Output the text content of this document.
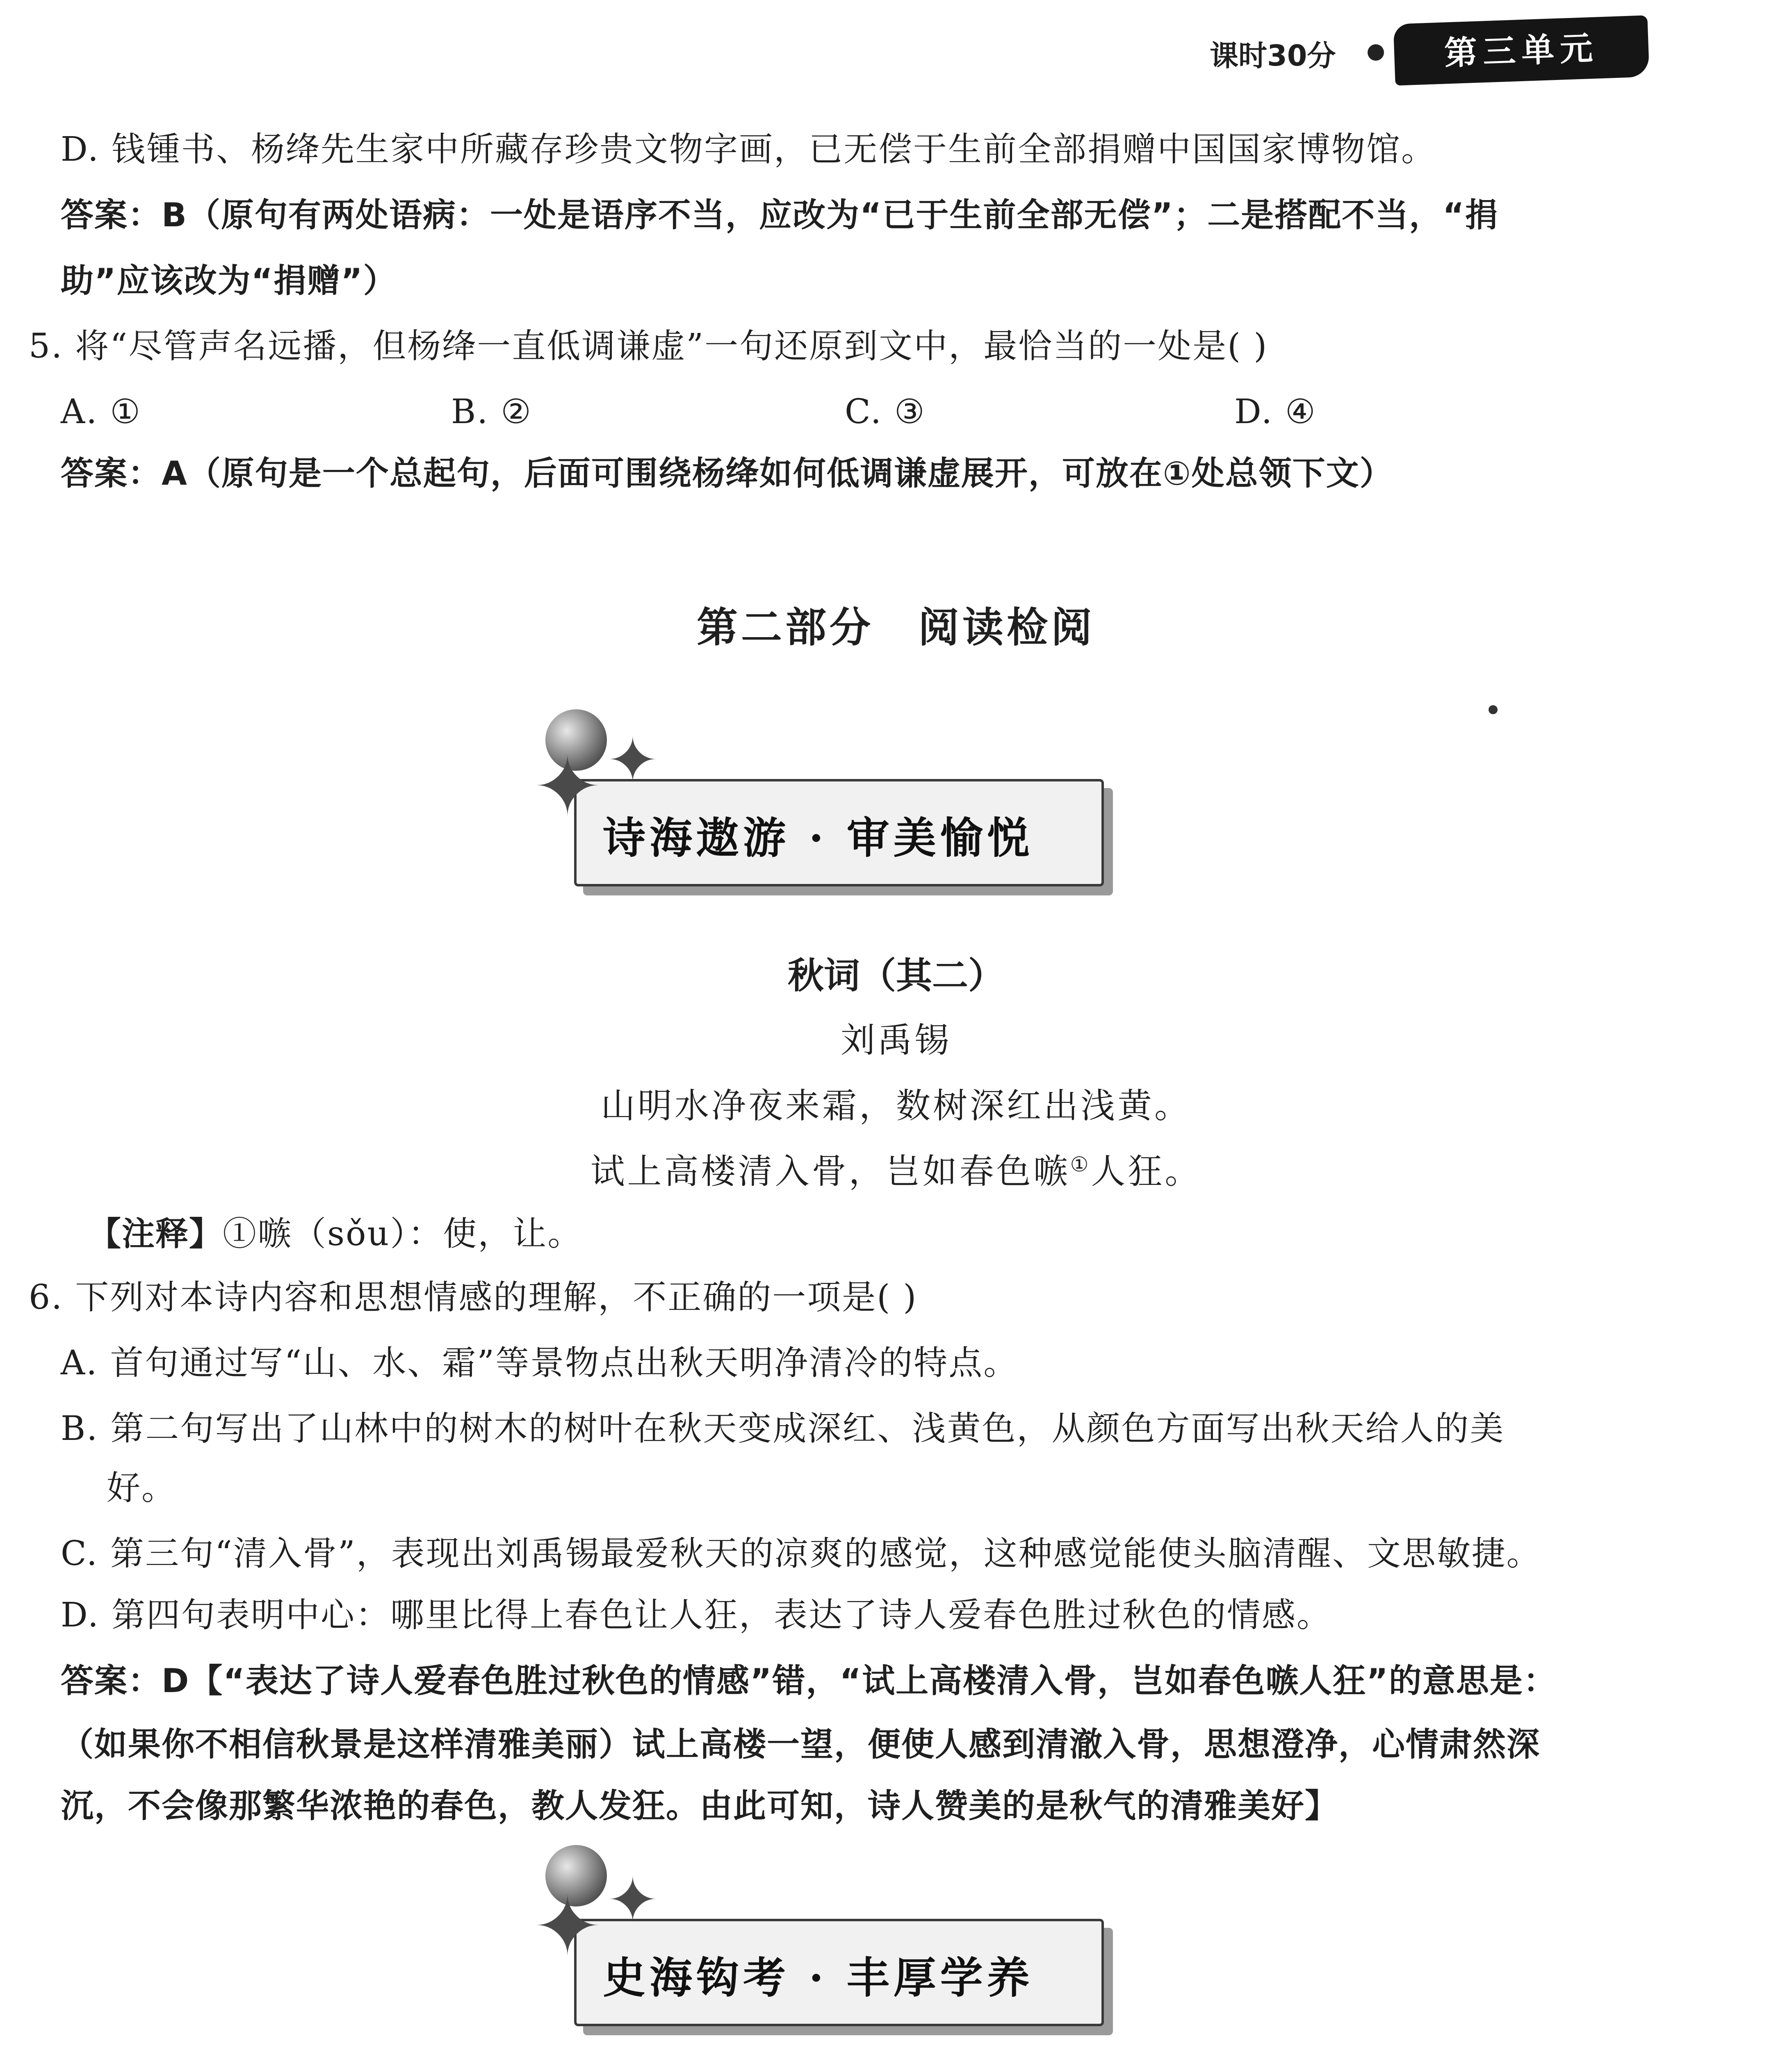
课时30分	第三单元
D. 钱锺书、杨绛先生家中所藏存珍贵文物字画，已无偿于生前全部捐赠中国国家博物馆。
答案：B（原句有两处语病：一处是语序不当，应改为“已于生前全部无偿”；二是搭配不当，“捐
助”应该改为“捐赠”）
5. 将“尽管声名远播，但杨绛一直低调谦虚”一句还原到文中，最恰当的一处是( )
A. ①	B. ②	C. ③	D. ④
答案：A（原句是一个总起句，后面可围绕杨绛如何低调谦虚展开，可放在①处总领下文）
第二部分　阅读检阅
✦ ✦
诗海遨游 · 审美愉悦
秋词（其二）
刘禹锡
山明水净夜来霜，数树深红出浅黄。
试上高楼清入骨，岂如春色嗾①人狂。
【注释】①嗾（sǒu）：使，让。
6. 下列对本诗内容和思想情感的理解，不正确的一项是( )
A. 首句通过写“山、水、霜”等景物点出秋天明净清冷的特点。
B. 第二句写出了山林中的树木的树叶在秋天变成深红、浅黄色，从颜色方面写出秋天给人的美
好。
C. 第三句“清入骨”，表现出刘禹锡最爱秋天的凉爽的感觉，这种感觉能使头脑清醒、文思敏捷。
D. 第四句表明中心：哪里比得上春色让人狂，表达了诗人爱春色胜过秋色的情感。
答案：D【“表达了诗人爱春色胜过秋色的情感”错，“试上高楼清入骨，岂如春色嗾人狂”的意思是：
（如果你不相信秋景是这样清雅美丽）试上高楼一望，便使人感到清澈入骨，思想澄净，心情肃然深
沉，不会像那繁华浓艳的春色，教人发狂。由此可知，诗人赞美的是秋气的清雅美好】
✦ ✦
史海钩考 · 丰厚学养
